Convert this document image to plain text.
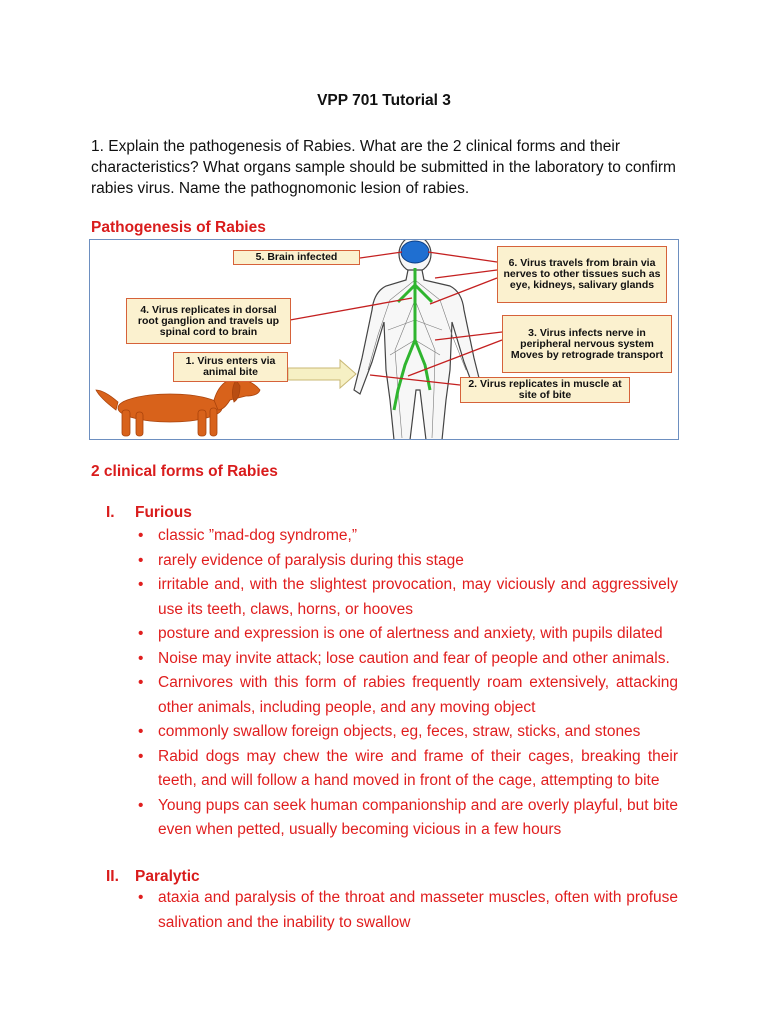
VPP 701 Tutorial 3
1. Explain the pathogenesis of Rabies. What are the 2 clinical forms and their characteristics? What organs sample should be submitted in the laboratory to confirm rabies virus. Name the pathognomonic lesion of rabies.
Pathogenesis of Rabies
5. Brain infected	6. Virus travels from brain via nerves to other tissues such as eye, kidneys, salivary glands
4. Virus replicates in dorsal root ganglion and travels up spinal cord to brain	3. Virus infects nerve in peripheral nervous system Moves by retrograde transport
1. Virus enters via animal bite
2. Virus replicates in muscle at site of bite
2 clinical forms of Rabies
I. Furious
• classic ”mad-dog syndrome,”
• rarely evidence of paralysis during this stage
• irritable and, with the slightest provocation, may viciously and aggressively use its teeth, claws, horns, or hooves
• posture and expression is one of alertness and anxiety, with pupils dilated
• Noise may invite attack; lose caution and fear of people and other animals.
• Carnivores with this form of rabies frequently roam extensively, attacking other animals, including people, and any moving object
• commonly swallow foreign objects, eg, feces, straw, sticks, and stones
• Rabid dogs may chew the wire and frame of their cages, breaking their teeth, and will follow a hand moved in front of the cage, attempting to bite
• Young pups can seek human companionship and are overly playful, but bite even when petted, usually becoming vicious in a few hours
II. Paralytic
• ataxia and paralysis of the throat and masseter muscles, often with profuse salivation and the inability to swallow
